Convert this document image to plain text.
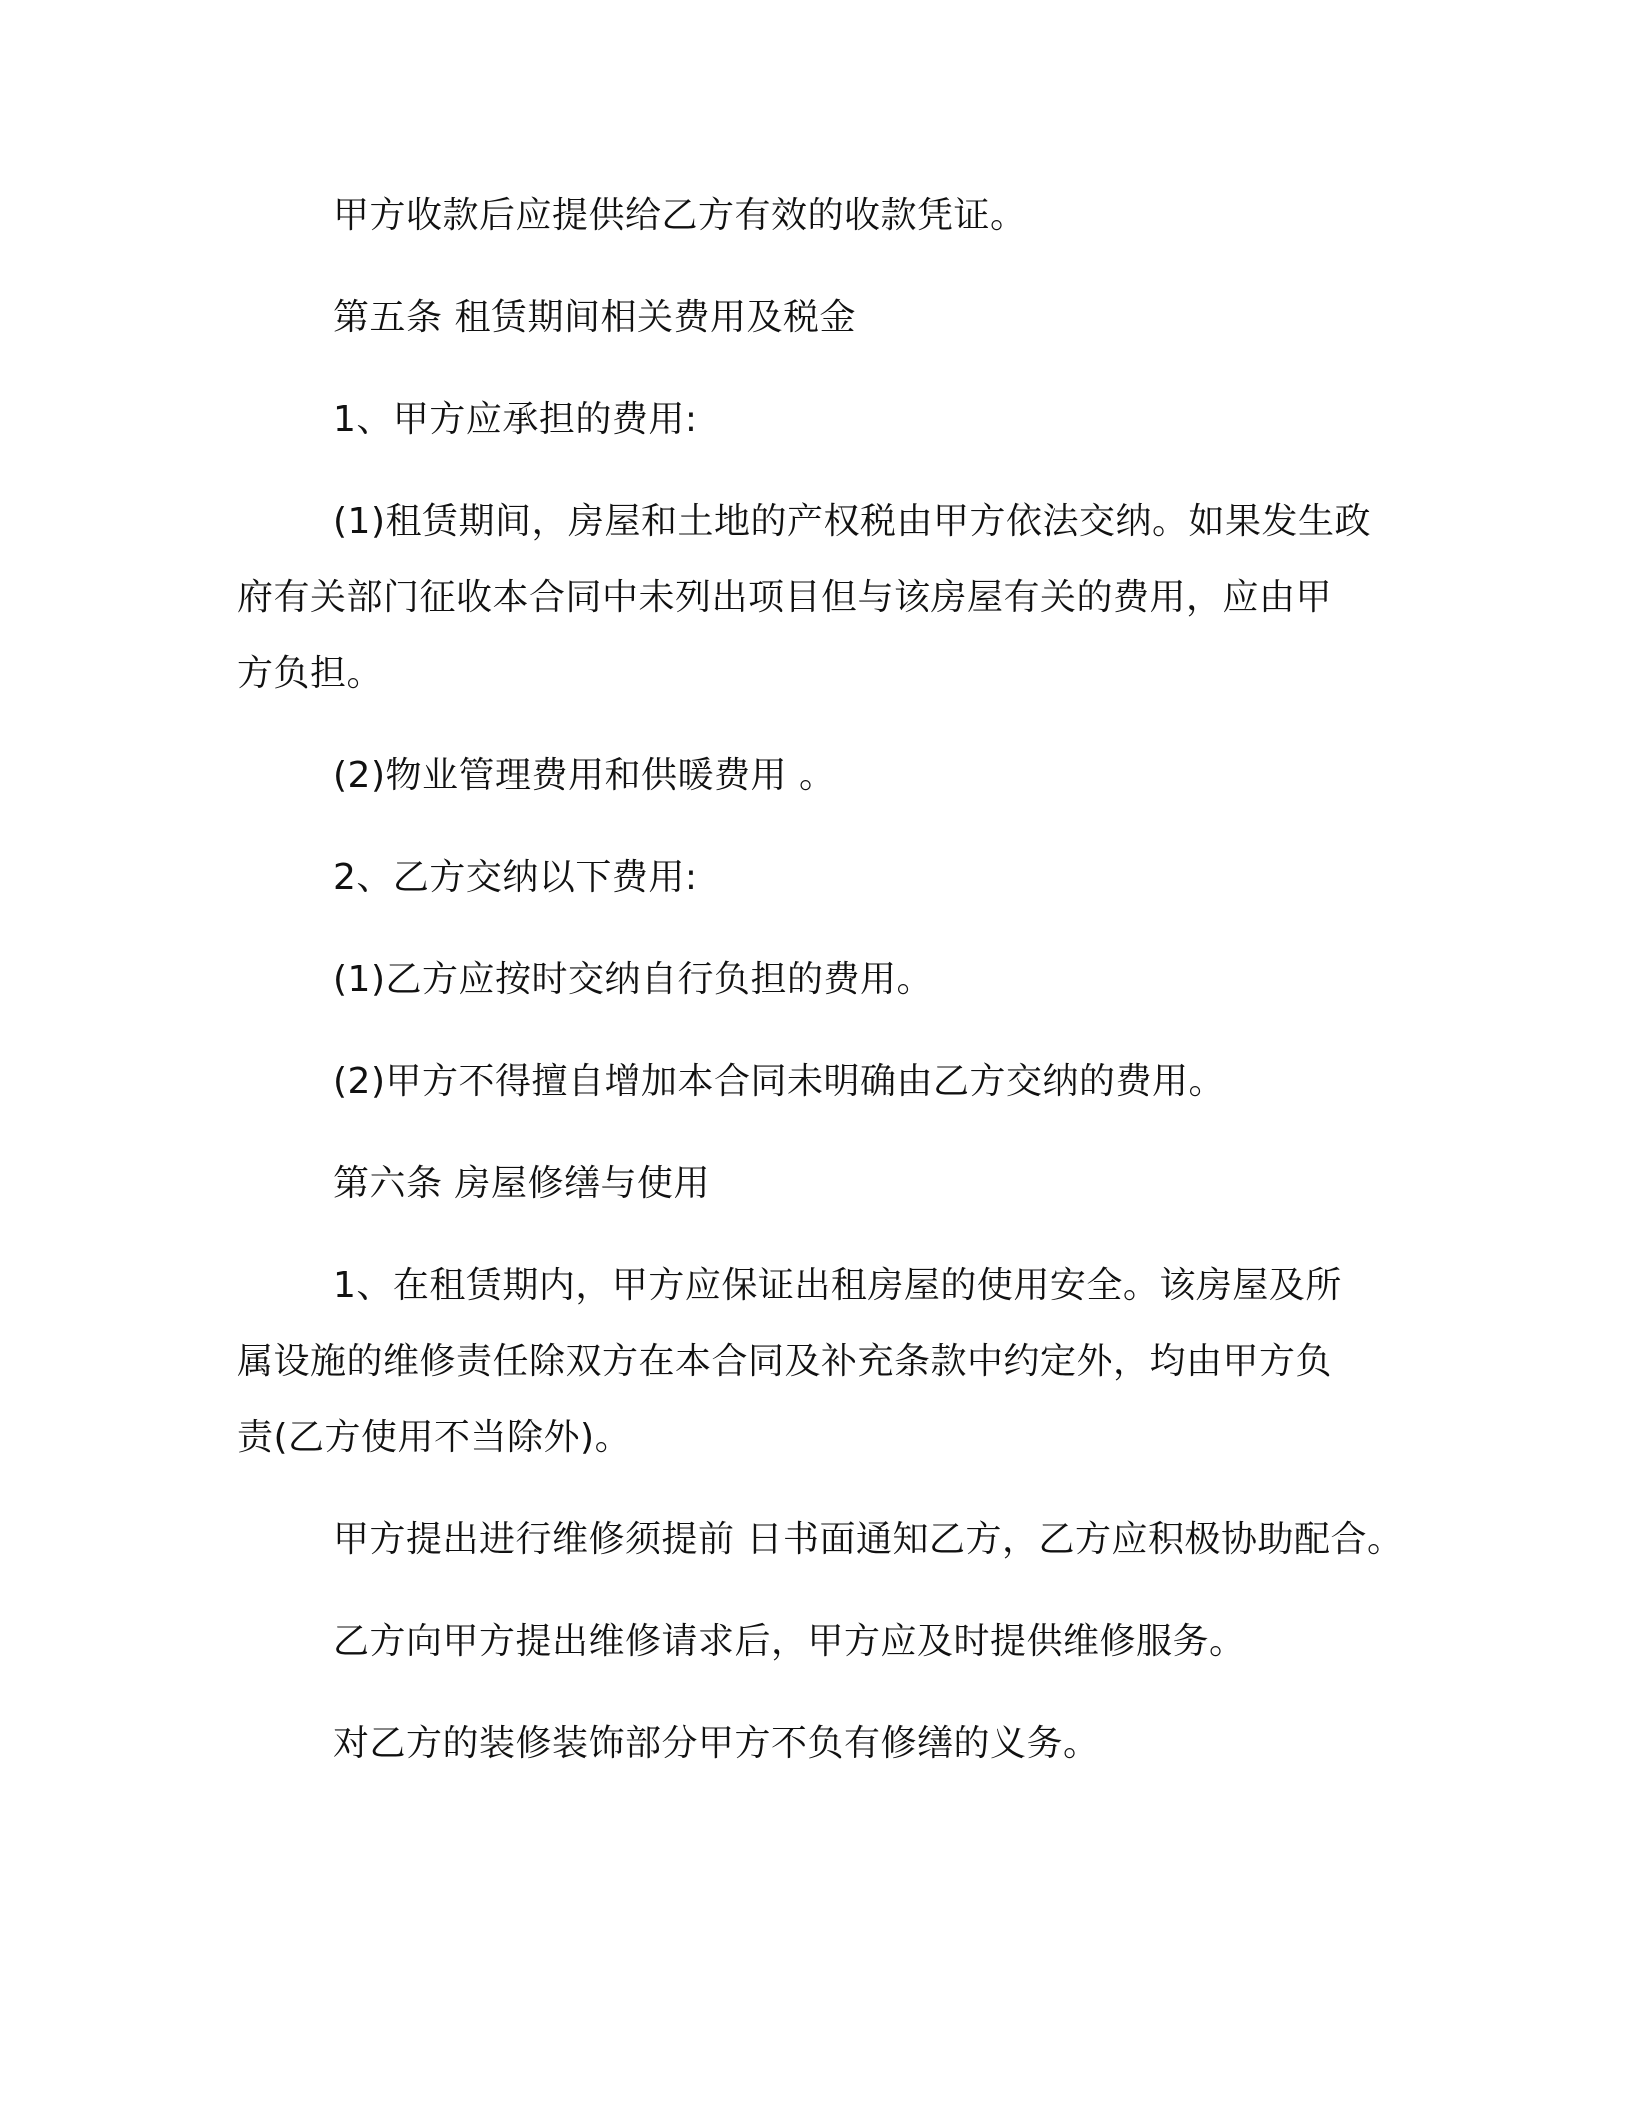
甲方收款后应提供给乙方有效的收款凭证。
第五条 租赁期间相关费用及税金
1、甲方应承担的费用:
(1)租赁期间，房屋和土地的产权税由甲方依法交纳。如果发生政
府有关部门征收本合同中未列出项目但与该房屋有关的费用，应由甲
方负担。
(2)物业管理费用和供暖费用 。
2、乙方交纳以下费用:
(1)乙方应按时交纳自行负担的费用。
(2)甲方不得擅自增加本合同未明确由乙方交纳的费用。
第六条 房屋修缮与使用
1、在租赁期内，甲方应保证出租房屋的使用安全。该房屋及所
属设施的维修责任除双方在本合同及补充条款中约定外，均由甲方负
责(乙方使用不当除外)。
甲方提出进行维修须提前 日书面通知乙方，乙方应积极协助配合。
乙方向甲方提出维修请求后，甲方应及时提供维修服务。
对乙方的装修装饰部分甲方不负有修缮的义务。
